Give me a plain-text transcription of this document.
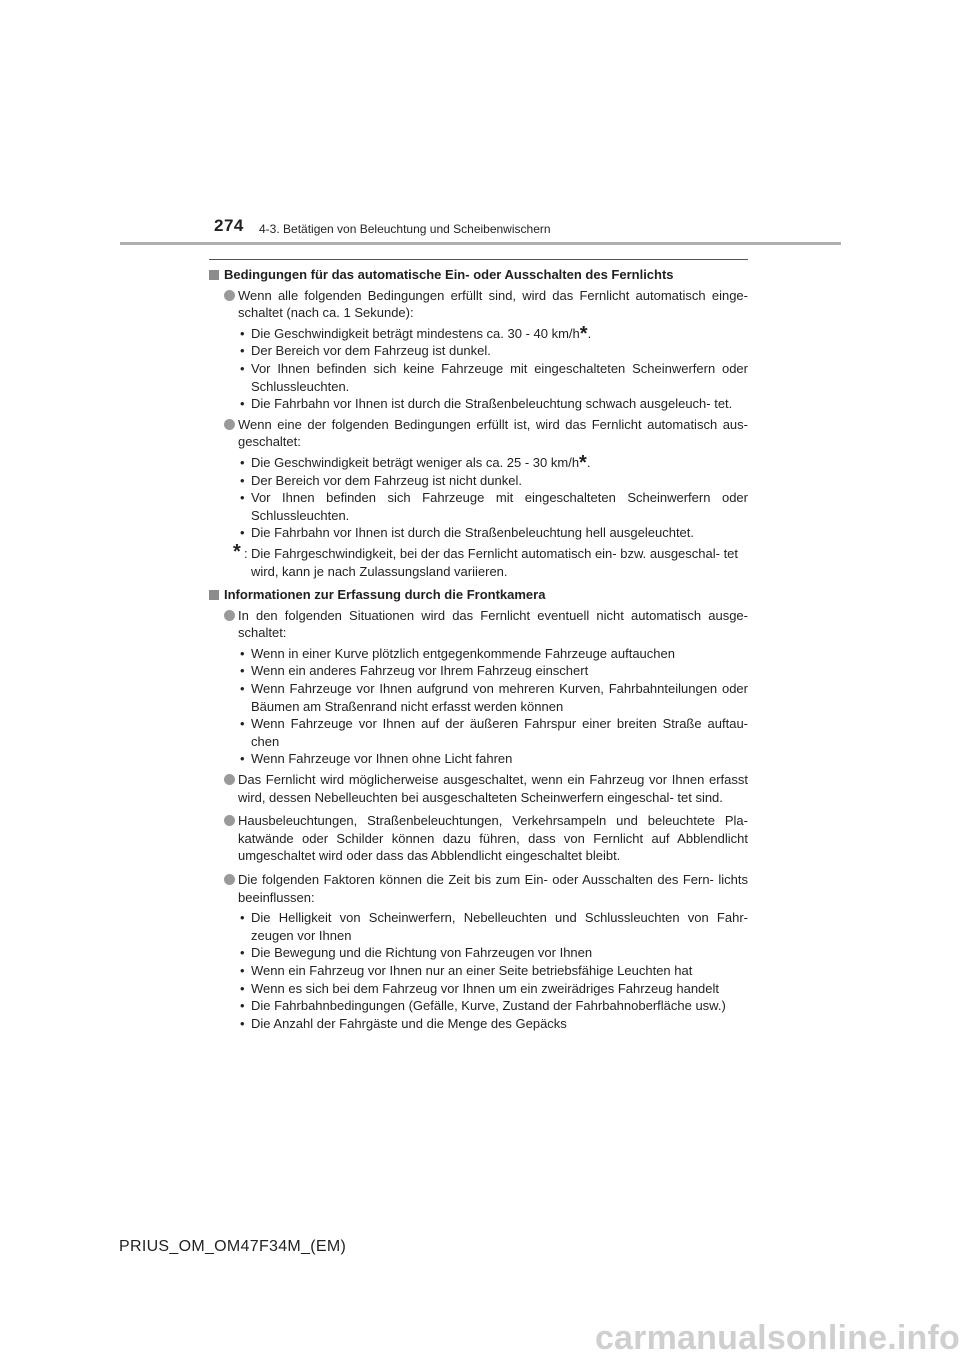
274 4-3. Betätigen von Beleuchtung und Scheibenwischern
Bedingungen für das automatische Ein- oder Ausschalten des Fernlichts
Wenn alle folgenden Bedingungen erfüllt sind, wird das Fernlicht automatisch einge- schaltet (nach ca. 1 Sekunde):
• Die Geschwindigkeit beträgt mindestens ca. 30 - 40 km/h*.
• Der Bereich vor dem Fahrzeug ist dunkel.
• Vor Ihnen befinden sich keine Fahrzeuge mit eingeschalteten Scheinwerfern oder Schlussleuchten.
• Die Fahrbahn vor Ihnen ist durch die Straßenbeleuchtung schwach ausgeleuch- tet.
Wenn eine der folgenden Bedingungen erfüllt ist, wird das Fernlicht automatisch aus- geschaltet:
• Die Geschwindigkeit beträgt weniger als ca. 25 - 30 km/h*.
• Der Bereich vor dem Fahrzeug ist nicht dunkel.
• Vor Ihnen befinden sich Fahrzeuge mit eingeschalteten Scheinwerfern oder Schlussleuchten.
• Die Fahrbahn vor Ihnen ist durch die Straßenbeleuchtung hell ausgeleuchtet.
* : Die Fahrgeschwindigkeit, bei der das Fernlicht automatisch ein- bzw. ausgeschal- tet wird, kann je nach Zulassungsland variieren.
Informationen zur Erfassung durch die Frontkamera
In den folgenden Situationen wird das Fernlicht eventuell nicht automatisch ausge- schaltet:
• Wenn in einer Kurve plötzlich entgegenkommende Fahrzeuge auftauchen
• Wenn ein anderes Fahrzeug vor Ihrem Fahrzeug einschert
• Wenn Fahrzeuge vor Ihnen aufgrund von mehreren Kurven, Fahrbahnteilungen oder Bäumen am Straßenrand nicht erfasst werden können
• Wenn Fahrzeuge vor Ihnen auf der äußeren Fahrspur einer breiten Straße auftau- chen
• Wenn Fahrzeuge vor Ihnen ohne Licht fahren
Das Fernlicht wird möglicherweise ausgeschaltet, wenn ein Fahrzeug vor Ihnen erfasst wird, dessen Nebelleuchten bei ausgeschalteten Scheinwerfern eingeschal- tet sind.
Hausbeleuchtungen, Straßenbeleuchtungen, Verkehrsampeln und beleuchtete Pla- katwände oder Schilder können dazu führen, dass von Fernlicht auf Abblendlicht umgeschaltet wird oder dass das Abblendlicht eingeschaltet bleibt.
Die folgenden Faktoren können die Zeit bis zum Ein- oder Ausschalten des Fern- lichts beeinflussen:
• Die Helligkeit von Scheinwerfern, Nebelleuchten und Schlussleuchten von Fahr- zeugen vor Ihnen
• Die Bewegung und die Richtung von Fahrzeugen vor Ihnen
• Wenn ein Fahrzeug vor Ihnen nur an einer Seite betriebsfähige Leuchten hat
• Wenn es sich bei dem Fahrzeug vor Ihnen um ein zweirädriges Fahrzeug handelt
• Die Fahrbahnbedingungen (Gefälle, Kurve, Zustand der Fahrbahnoberfläche usw.)
• Die Anzahl der Fahrgäste und die Menge des Gepäcks
PRIUS_OM_OM47F34M_(EM)
carmanualsonline.info
